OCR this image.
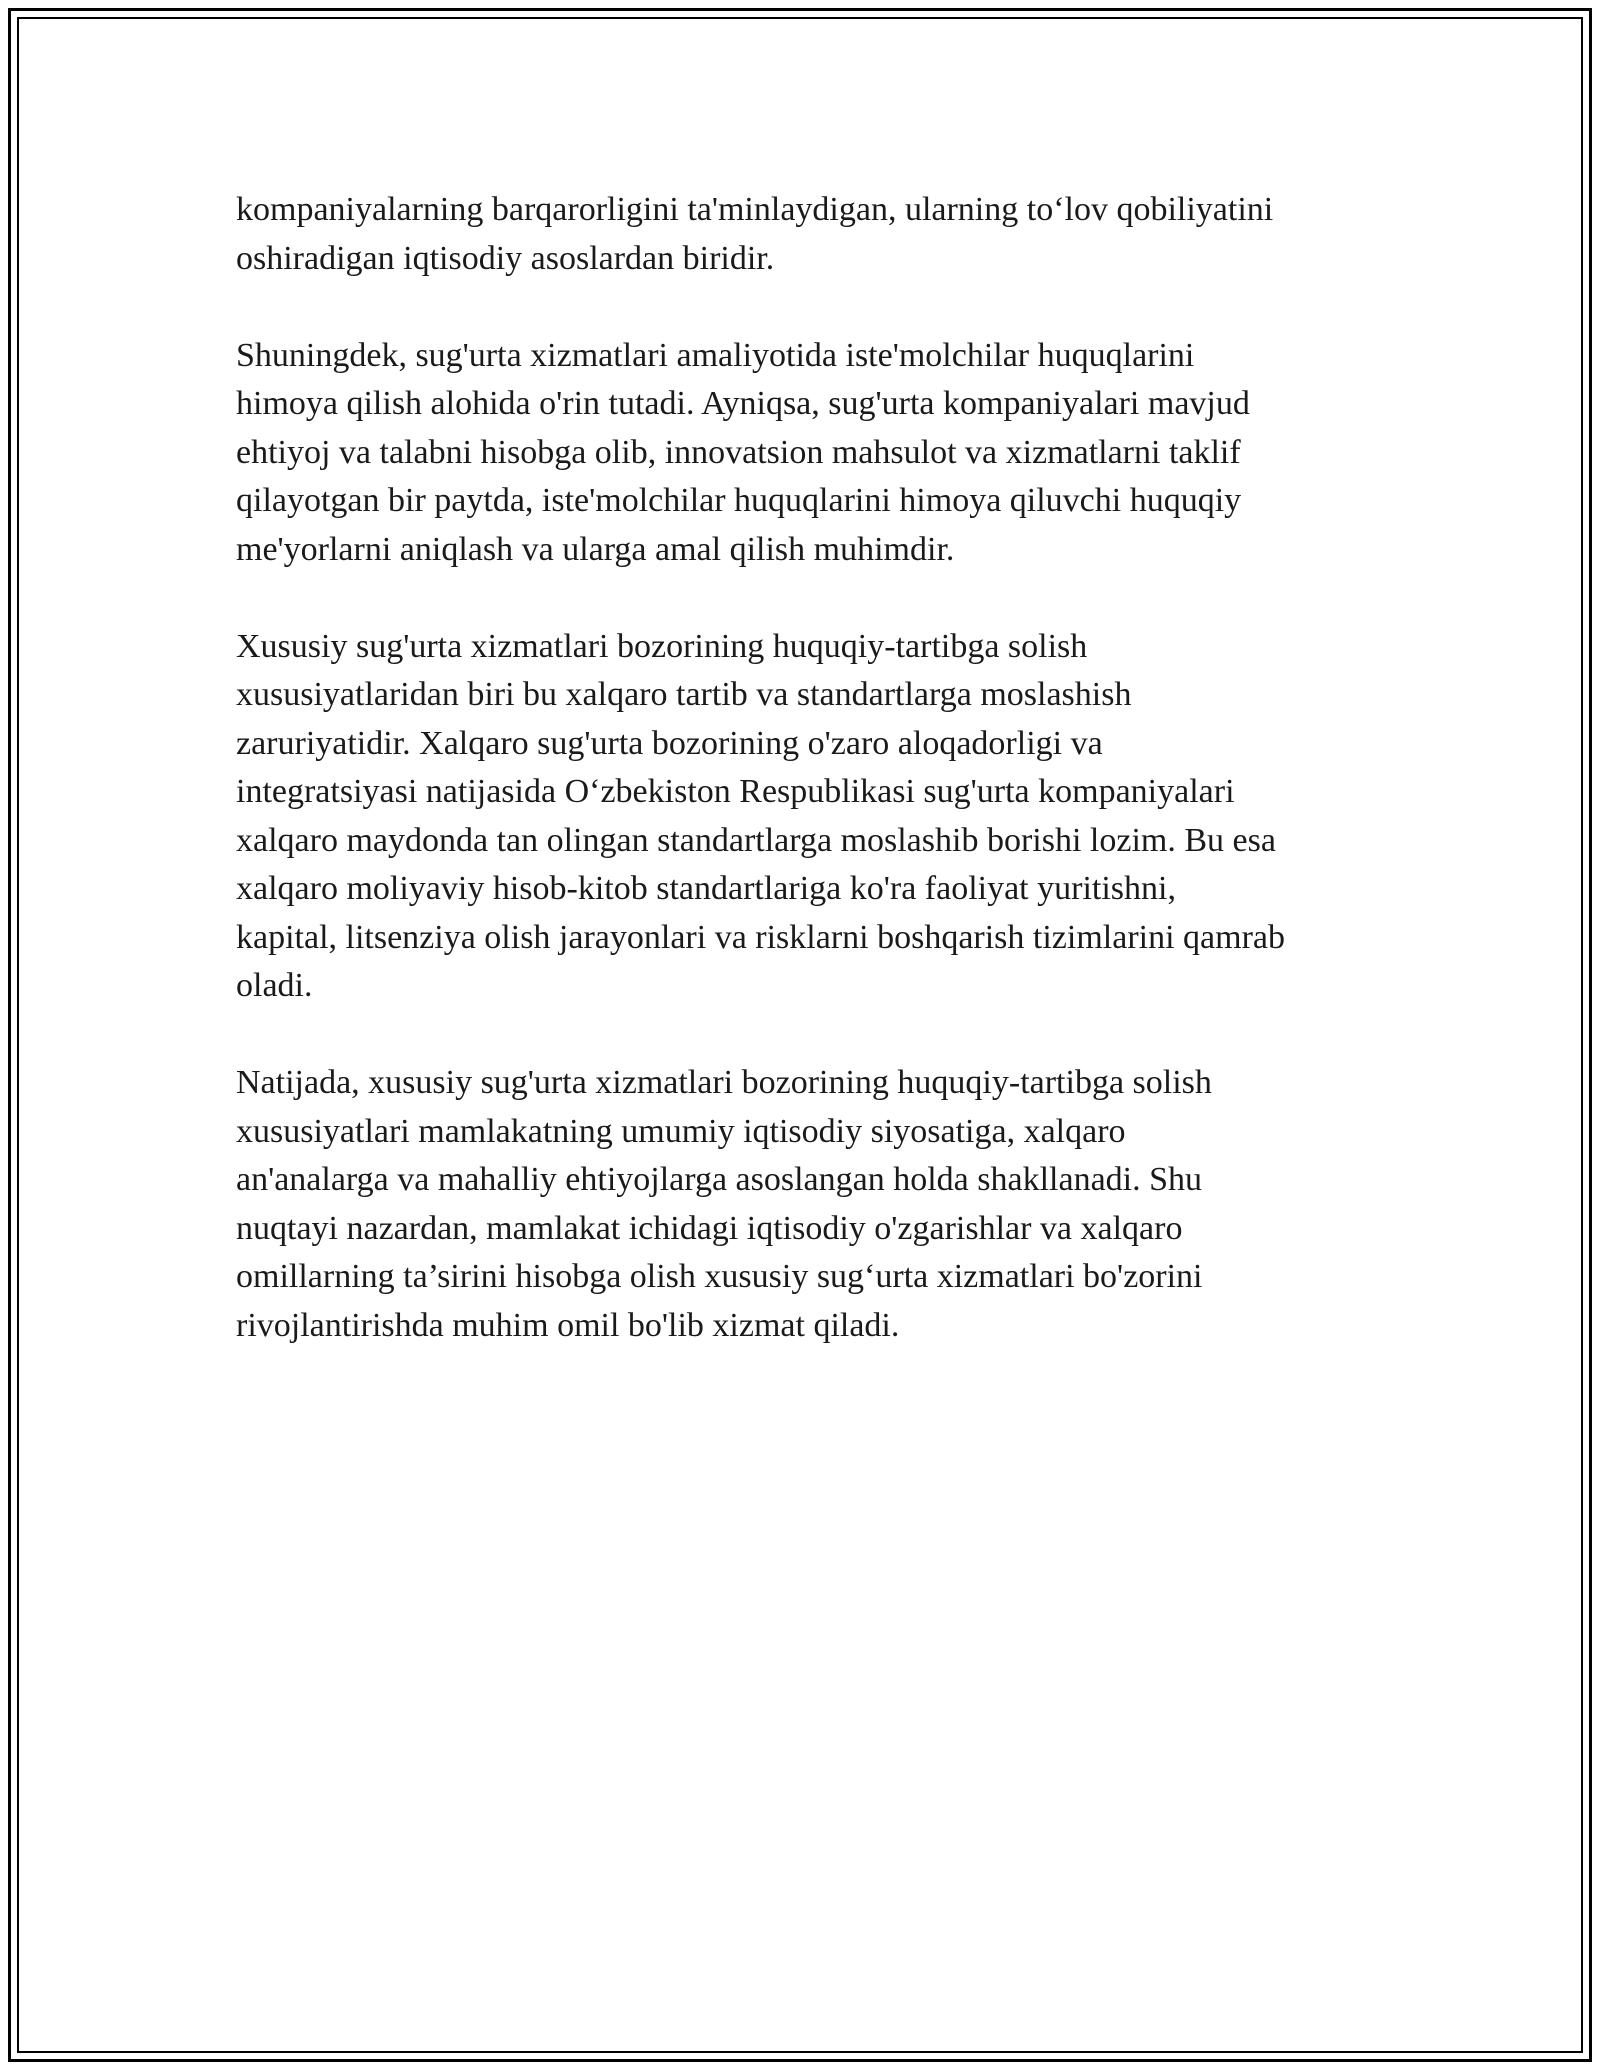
kompaniyalarning barqarorligini ta'minlaydigan, ularning to‘lov qobiliyatini
oshiradigan iqtisodiy asoslardan biridir.

Shuningdek, sug'urta xizmatlari amaliyotida iste'molchilar huquqlarini
himoya qilish alohida o'rin tutadi. Ayniqsa, sug'urta kompaniyalari mavjud
ehtiyoj va talabni hisobga olib, innovatsion mahsulot va xizmatlarni taklif
qilayotgan bir paytda, iste'molchilar huquqlarini himoya qiluvchi huquqiy
me'yorlarni aniqlash va ularga amal qilish muhimdir.

Xususiy sug'urta xizmatlari bozorining huquqiy-tartibga solish
xususiyatlaridan biri bu xalqaro tartib va standartlarga moslashish
zaruriyatidir. Xalqaro sug'urta bozorining o'zaro aloqadorligi va
integratsiyasi natijasida O‘zbekiston Respublikasi sug'urta kompaniyalari
xalqaro maydonda tan olingan standartlarga moslashib borishi lozim. Bu esa
xalqaro moliyaviy hisob-kitob standartlariga ko'ra faoliyat yuritishni,
kapital, litsenziya olish jarayonlari va risklarni boshqarish tizimlarini qamrab
oladi.

Natijada, xususiy sug'urta xizmatlari bozorining huquqiy-tartibga solish
xususiyatlari mamlakatning umumiy iqtisodiy siyosatiga, xalqaro
an'analarga va mahalliy ehtiyojlarga asoslangan holda shakllanadi. Shu
nuqtayi nazardan, mamlakat ichidagi iqtisodiy o'zgarishlar va xalqaro
omillarning ta’sirini hisobga olish xususiy sug‘urta xizmatlari bo'zorini
rivojlantirishda muhim omil bo'lib xizmat qiladi.
